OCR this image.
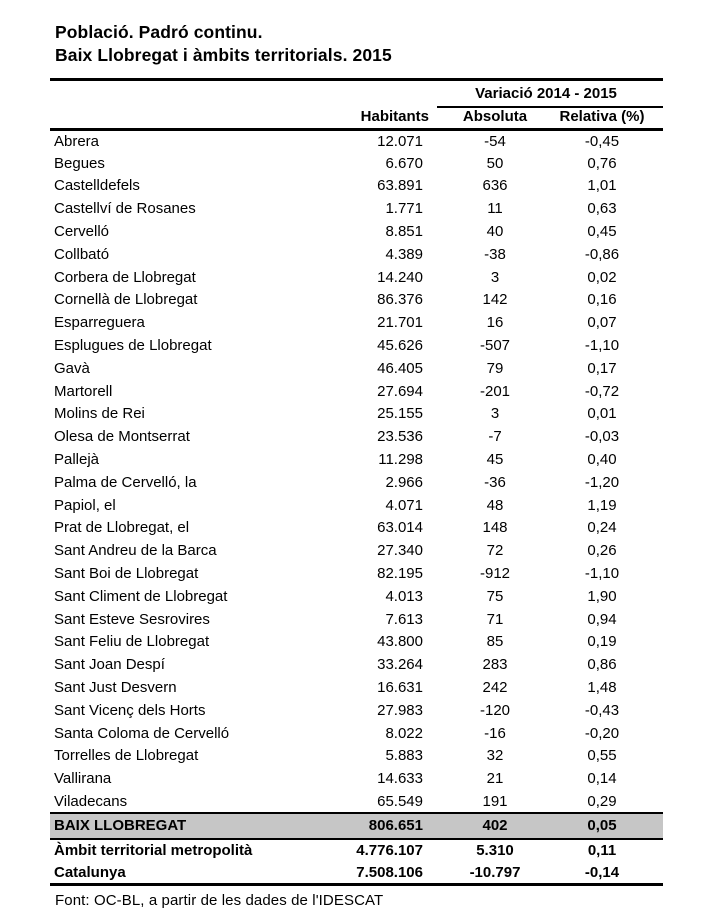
Població. Padró continu.
Baix Llobregat i àmbits territorials. 2015
		Variació 2014 - 2015	
	Habitants	Absoluta	Relativa (%)
Abrera	12.071	-54	-0,45
Begues	6.670	50	0,76
Castelldefels	63.891	636	1,01
Castellví de Rosanes	1.771	11	0,63
Cervelló	8.851	40	0,45
Collbató	4.389	-38	-0,86
Corbera de Llobregat	14.240	3	0,02
Cornellà de Llobregat	86.376	142	0,16
Esparreguera	21.701	16	0,07
Esplugues de Llobregat	45.626	-507	-1,10
Gavà	46.405	79	0,17
Martorell	27.694	-201	-0,72
Molins de Rei	25.155	3	0,01
Olesa de Montserrat	23.536	-7	-0,03
Pallejà	11.298	45	0,40
Palma de Cervelló, la	2.966	-36	-1,20
Papiol, el	4.071	48	1,19
Prat de Llobregat, el	63.014	148	0,24
Sant Andreu de la Barca	27.340	72	0,26
Sant Boi de Llobregat	82.195	-912	-1,10
Sant Climent de Llobregat	4.013	75	1,90
Sant Esteve Sesrovires	7.613	71	0,94
Sant Feliu de Llobregat	43.800	85	0,19
Sant Joan Despí	33.264	283	0,86
Sant Just Desvern	16.631	242	1,48
Sant Vicenç dels Horts	27.983	-120	-0,43
Santa Coloma de Cervelló	8.022	-16	-0,20
Torrelles de Llobregat	5.883	32	0,55
Vallirana	14.633	21	0,14
Viladecans	65.549	191	0,29
BAIX LLOBREGAT	806.651	402	0,05
Àmbit territorial metropolità	4.776.107	5.310	0,11
Catalunya	7.508.106	-10.797	-0,14
Font: OC-BL, a partir de les dades de l'IDESCAT
